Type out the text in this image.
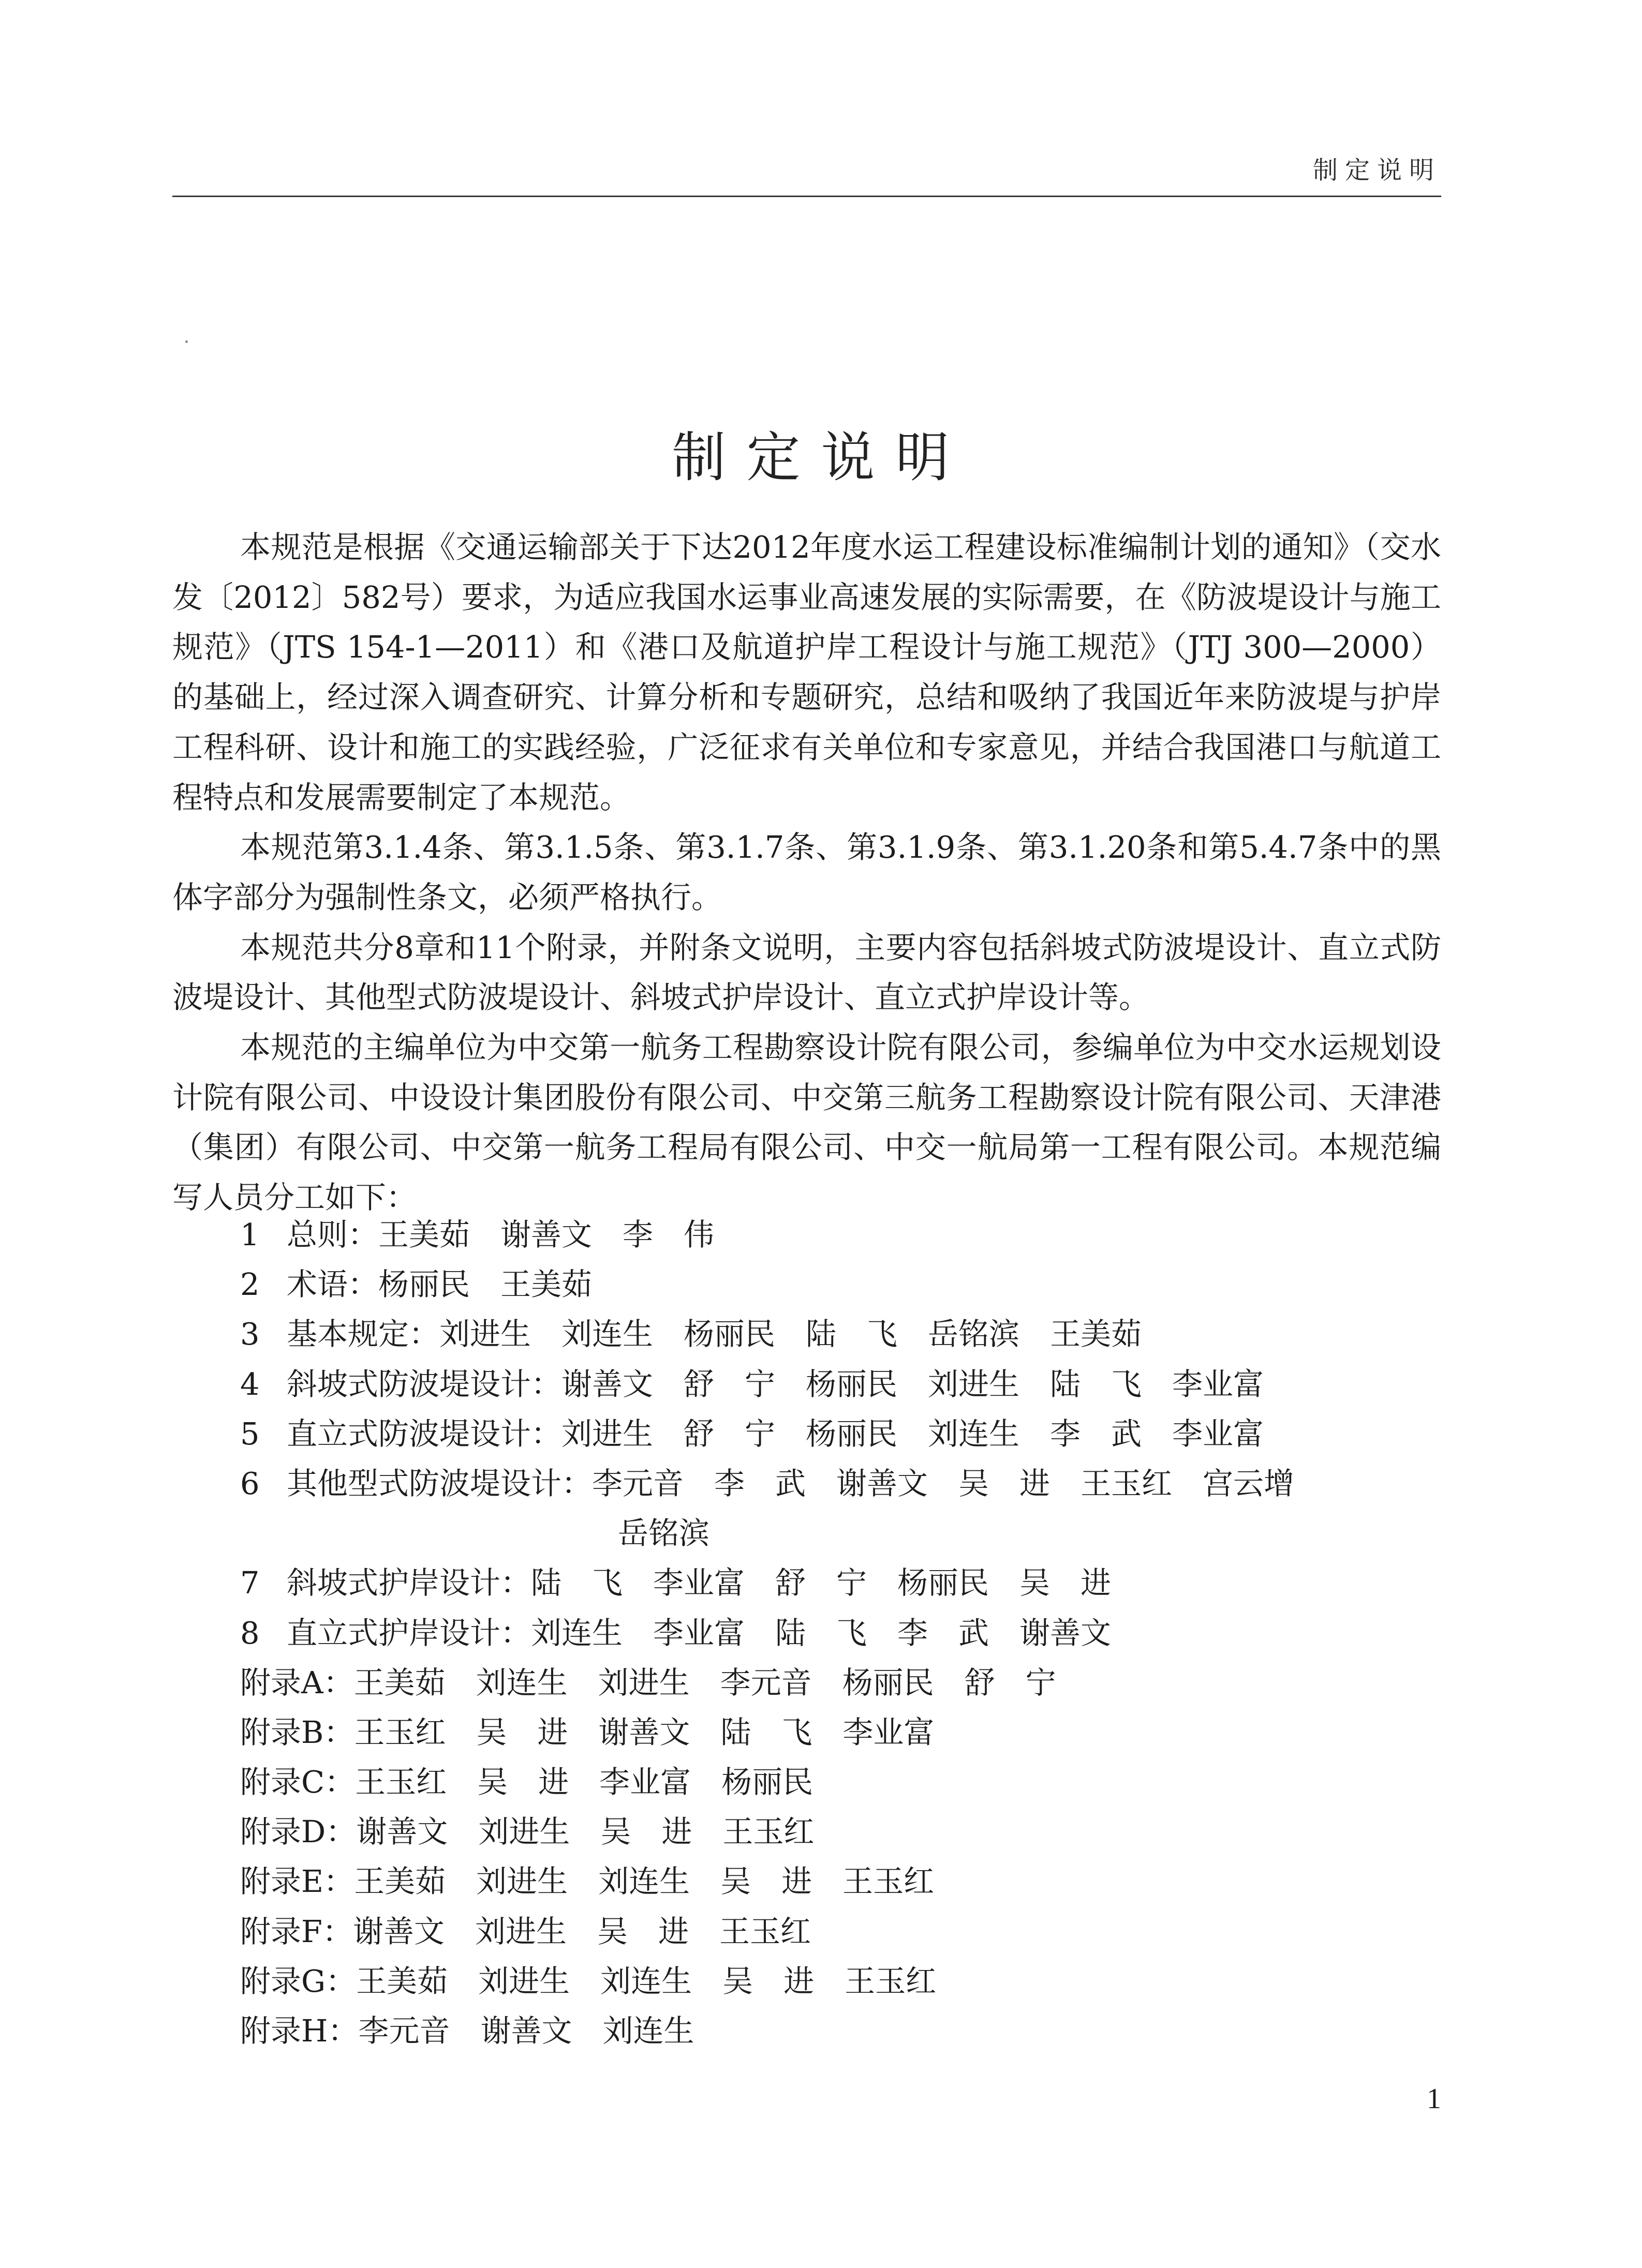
制定说明
制定说明

本规范是根据《交通运输部关于下达2012年度水运工程建设标准编制计划的通知》（交水发〔2012〕582号）要求，为适应我国水运事业高速发展的实际需要，在《防波堤设计与施工规范》（JTS 154-1—2011）和《港口及航道护岸工程设计与施工规范》（JTJ 300—2000）的基础上，经过深入调查研究、计算分析和专题研究，总结和吸纳了我国近年来防波堤与护岸工程科研、设计和施工的实践经验，广泛征求有关单位和专家意见，并结合我国港口与航道工程特点和发展需要制定了本规范。

本规范第3.1.4条、第3.1.5条、第3.1.7条、第3.1.9条、第3.1.20条和第5.4.7条中的黑体字部分为强制性条文，必须严格执行。

本规范共分8章和11个附录，并附条文说明，主要内容包括斜坡式防波堤设计、直立式防波堤设计、其他型式防波堤设计、斜坡式护岸设计、直立式护岸设计等。

本规范的主编单位为中交第一航务工程勘察设计院有限公司，参编单位为中交水运规划设计院有限公司、中设设计集团股份有限公司、中交第三航务工程勘察设计院有限公司、天津港（集团）有限公司、中交第一航务工程局有限公司、中交一航局第一工程有限公司。本规范编写人员分工如下：

1 总则：王美茹　谢善文　李　伟
2 术语：杨丽民　王美茹
3 基本规定：刘进生　刘连生　杨丽民　陆　飞　岳铭滨　王美茹
4 斜坡式防波堤设计：谢善文　舒　宁　杨丽民　刘进生　陆　飞　李业富
5 直立式防波堤设计：刘进生　舒　宁　杨丽民　刘连生　李　武　李业富
6 其他型式防波堤设计：李元音　李　武　谢善文　吴　进　王玉红　宫云增
岳铭滨
7 斜坡式护岸设计：陆　飞　李业富　舒　宁　杨丽民　吴　进
8 直立式护岸设计：刘连生　李业富　陆　飞　李　武　谢善文
附录A：王美茹　刘连生　刘进生　李元音　杨丽民　舒　宁
附录B：王玉红　吴　进　谢善文　陆　飞　李业富
附录C：王玉红　吴　进　李业富　杨丽民
附录D：谢善文　刘进生　吴　进　王玉红
附录E：王美茹　刘进生　刘连生　吴　进　王玉红
附录F：谢善文　刘进生　吴　进　王玉红
附录G：王美茹　刘进生　刘连生　吴　进　王玉红
附录H：李元音　谢善文　刘连生
1
